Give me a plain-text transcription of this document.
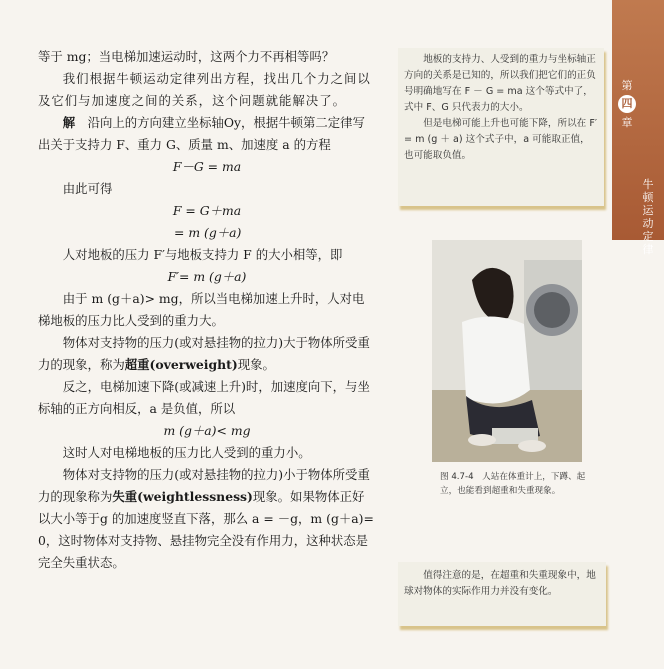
第
四
章
牛顿运动定律

等于 mg；当电梯加速运动时，这两个力不再相等吗？

我们根据牛顿运动定律列出方程，找出几个力之间以及它们与加速度之间的关系，这个问题就能解决了。

解　 沿向上的方向建立坐标轴Oy，根据牛顿第二定律写出关于支持力 F、重力 G、质量 m、加速度 a 的方程

F－G = ma

由此可得

F = G＋ma

= m (g＋a)

人对地板的压力 F′与地板支持力 F 的大小相等，即

F′= m (g＋a)

由于 m (g＋a)> mg，所以当电梯加速上升时，人对电梯地板的压力比人受到的重力大。

物体对支持物的压力(或对悬挂物的拉力)大于物体所受重力的现象，称为超重(overweight)现象。

反之，电梯加速下降(或减速上升)时，加速度向下，与坐标轴的正方向相反，a 是负值，所以

m (g＋a)< mg

这时人对电梯地板的压力比人受到的重力小。

物体对支持物的压力(或对悬挂物的拉力)小于物体所受重力的现象称为失重(weightlessness)现象。如果物体正好以大小等于g 的加速度竖直下落，那么 a = －g，m (g＋a)= 0，这时物体对支持物、悬挂物完全没有作用力，这种状态是完全失重状态。

地板的支持力、人受到的重力与坐标轴正方向的关系是已知的，所以我们把它们的正负号明确地写在 F － G = ma 这个等式中了，式中 F、G 只代表力的大小。

但是电梯可能上升也可能下降，所以在 F′ = m (g ＋ a) 这个式子中，a 可能取正值，也可能取负值。

图 4.7-4　人站在体重计上，下蹲、起立，也能看到超重和失重现象。

值得注意的是，在超重和失重现象中，地球对物体的实际作用力并没有变化。
